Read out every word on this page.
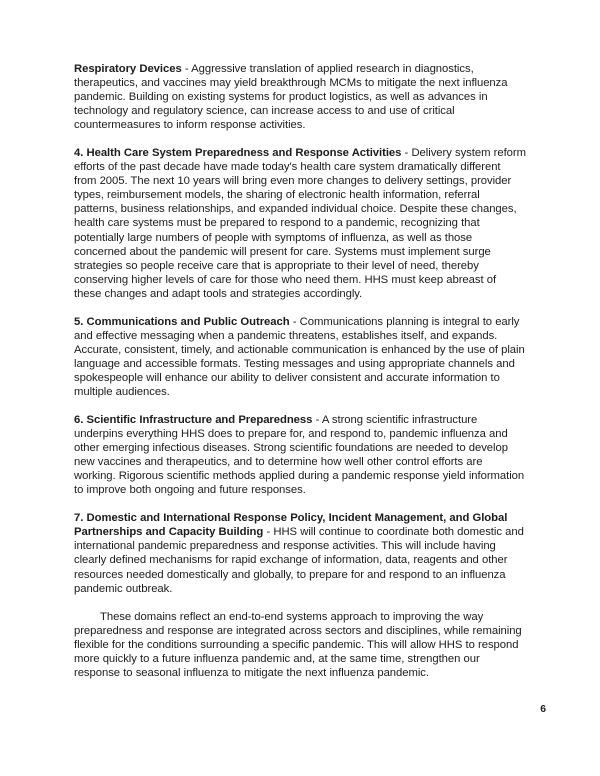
Respiratory Devices - Aggressive translation of applied research in diagnostics, therapeutics, and vaccines may yield breakthrough MCMs to mitigate the next influenza pandemic. Building on existing systems for product logistics, as well as advances in technology and regulatory science, can increase access to and use of critical countermeasures to inform response activities.

4. Health Care System Preparedness and Response Activities - Delivery system reform efforts of the past decade have made today's health care system dramatically different from 2005. The next 10 years will bring even more changes to delivery settings, provider types, reimbursement models, the sharing of electronic health information, referral patterns, business relationships, and expanded individual choice. Despite these changes, health care systems must be prepared to respond to a pandemic, recognizing that potentially large numbers of people with symptoms of influenza, as well as those concerned about the pandemic will present for care. Systems must implement surge strategies so people receive care that is appropriate to their level of need, thereby conserving higher levels of care for those who need them. HHS must keep abreast of these changes and adapt tools and strategies accordingly.

5. Communications and Public Outreach - Communications planning is integral to early and effective messaging when a pandemic threatens, establishes itself, and expands. Accurate, consistent, timely, and actionable communication is enhanced by the use of plain language and accessible formats. Testing messages and using appropriate channels and spokespeople will enhance our ability to deliver consistent and accurate information to multiple audiences.

6. Scientific Infrastructure and Preparedness - A strong scientific infrastructure underpins everything HHS does to prepare for, and respond to, pandemic influenza and other emerging infectious diseases. Strong scientific foundations are needed to develop new vaccines and therapeutics, and to determine how well other control efforts are working. Rigorous scientific methods applied during a pandemic response yield information to improve both ongoing and future responses.

7. Domestic and International Response Policy, Incident Management, and Global Partnerships and Capacity Building - HHS will continue to coordinate both domestic and international pandemic preparedness and response activities. This will include having clearly defined mechanisms for rapid exchange of information, data, reagents and other resources needed domestically and globally, to prepare for and respond to an influenza pandemic outbreak.

These domains reflect an end-to-end systems approach to improving the way preparedness and response are integrated across sectors and disciplines, while remaining flexible for the conditions surrounding a specific pandemic. This will allow HHS to respond more quickly to a future influenza pandemic and, at the same time, strengthen our response to seasonal influenza to mitigate the next influenza pandemic.

6
